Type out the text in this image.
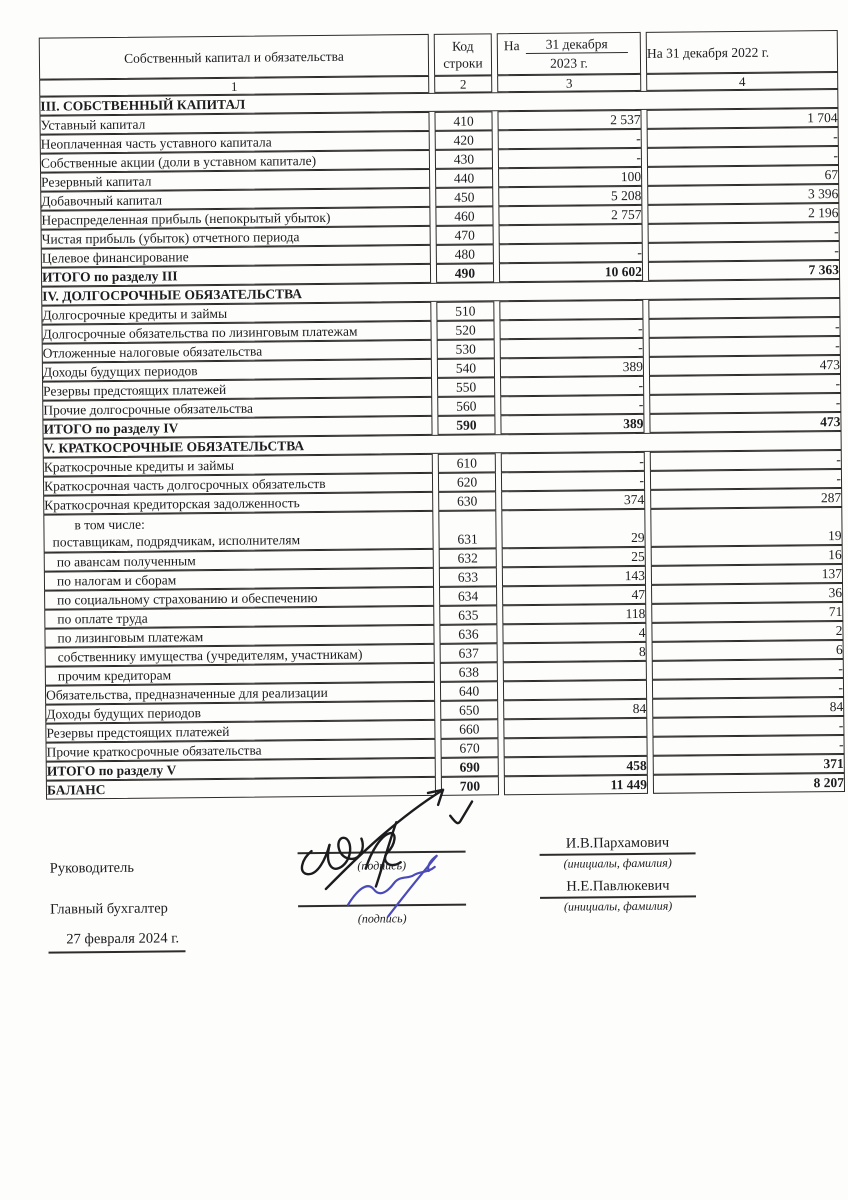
Собственный капитал и обязательства	
Код
строки

На	31 декабря
2023 г.
	На 31 декабря 2022 г.
1	2	3	4
III. СОБСТВЕННЫЙ КАПИТАЛ			
Уставный капитал	410	2 537	1 704
Неоплаченная часть уставного капитала	420	-	-
Собственные акции (доли в уставном капитале)	430	-	-
Резервный капитал	440	100	67
Добавочный капитал	450	5 208	3 396
Нераспределенная прибыль (непокрытый убыток)	460	2 757	2 196
Чистая прибыль (убыток) отчетного периода	470		-
Целевое финансирование	480	-	-
ИТОГО по разделу III	490	10 602	7 363
IV. ДОЛГОСРОЧНЫЕ ОБЯЗАТЕЛЬСТВА			
Долгосрочные кредиты и займы	510		
Долгосрочные обязательства по лизинговым платежам	520	-	-
Отложенные налоговые обязательства	530	-	-
Доходы будущих периодов	540	389	473
Резервы предстоящих платежей	550	-	-
Прочие долгосрочные обязательства	560	-	-
ИТОГО по разделу IV	590	389	473
V. КРАТКОСРОЧНЫЕ ОБЯЗАТЕЛЬСТВА			
Краткосрочные кредиты и займы	610	-	-
Краткосрочная часть долгосрочных обязательств	620	-	-
Краткосрочная кредиторская задолженность	630	374	287

в том числе:
поставщикам, подрядчикам, исполнителям	631	29	19
по авансам полученным	632	25	16
по налогам и сборам	633	143	137
по социальному страхованию и обеспечению	634	47	36
по оплате труда	635	118	71
по лизинговым платежам	636	4	2
собственнику имущества (учредителям, участникам)	637	8	6
прочим кредиторам	638		-
Обязательства, предназначенные для реализации	640		-
Доходы будущих периодов	650	84	84
Резервы предстоящих платежей	660		-
Прочие краткосрочные обязательства	670		-
ИТОГО по разделу V	690	458	371
БАЛАНС	700	11 449	8 207
Руководитель	(подпись)
И.В.Пархамович
(инициалы, фамилия)
Главный бухгалтер
(подпись)
Н.Е.Павлюкевич
(инициалы, фамилия)
27 февраля 2024 г.
